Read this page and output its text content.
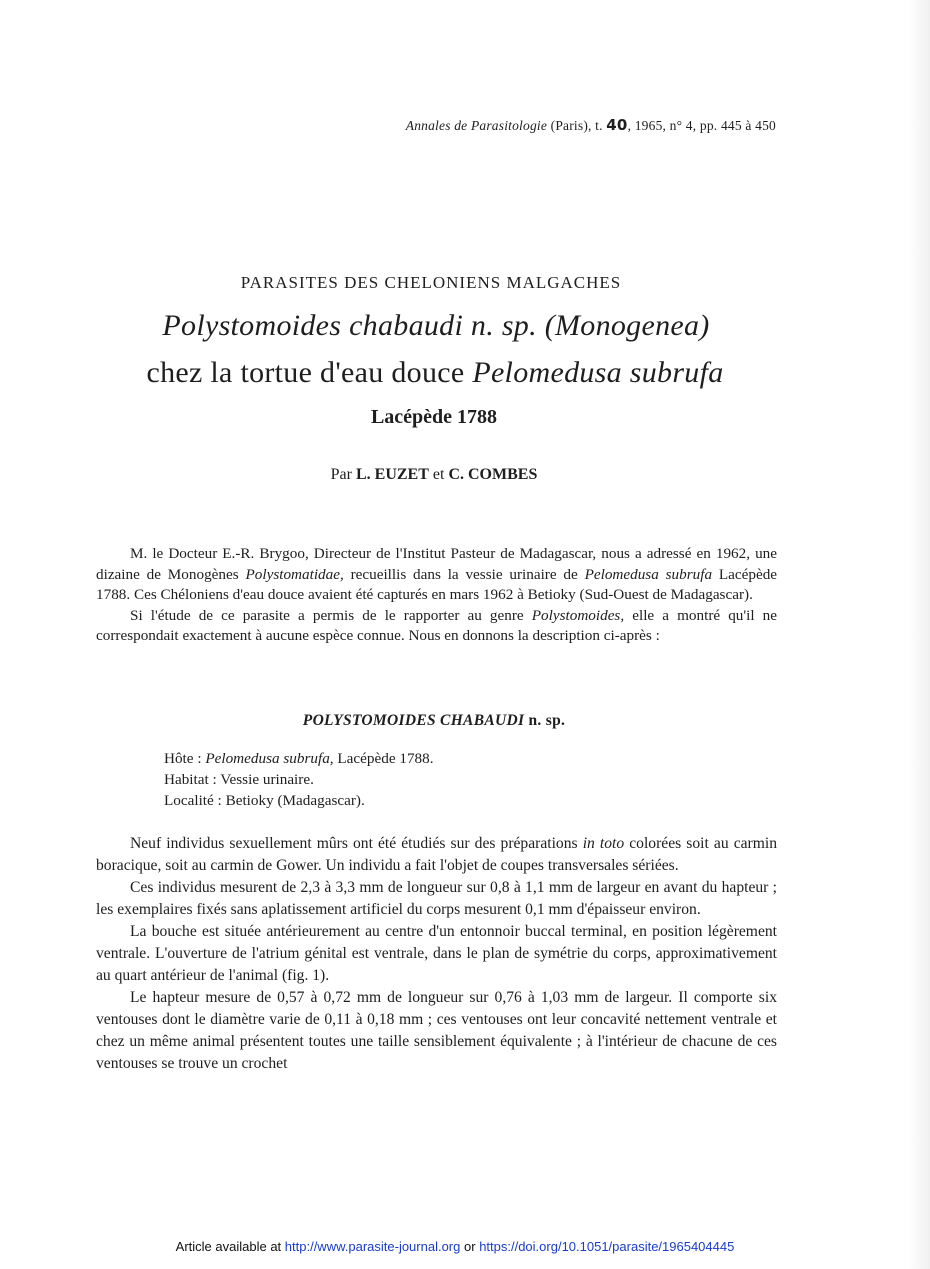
Annales de Parasitologie (Paris), t. 40, 1965, n° 4, pp. 445 à 450
PARASITES DES CHELONIENS MALGACHES
Polystomoides chabaudi n. sp. (Monogenea)
chez la tortue d'eau douce Pelomedusa subrufa
Lacépède 1788
Par L. EUZET et C. COMBES

M. le Docteur E.-R. Brygoo, Directeur de l'Institut Pasteur de Madagascar, nous a adressé en 1962, une dizaine de Monogènes Polystomatidae, recueillis dans la vessie urinaire de Pelomedusa subrufa Lacépède 1788. Ces Chéloniens d'eau douce avaient été capturés en mars 1962 à Betioky (Sud-Ouest de Madagascar).

Si l'étude de ce parasite a permis de le rapporter au genre Polystomoides, elle a montré qu'il ne correspondait exactement à aucune espèce connue. Nous en donnons la description ci-après :

POLYSTOMOIDES CHABAUDI n. sp.
Hôte : Pelomedusa subrufa, Lacépède 1788.
Habitat : Vessie urinaire.
Localité : Betioky (Madagascar).

Neuf individus sexuellement mûrs ont été étudiés sur des préparations in toto colorées soit au carmin boracique, soit au carmin de Gower. Un individu a fait l'objet de coupes transversales sériées.

Ces individus mesurent de 2,3 à 3,3 mm de longueur sur 0,8 à 1,1 mm de largeur en avant du hapteur ; les exemplaires fixés sans aplatissement artificiel du corps mesurent 0,1 mm d'épaisseur environ.

La bouche est située antérieurement au centre d'un entonnoir buccal terminal, en position légèrement ventrale. L'ouverture de l'atrium génital est ventrale, dans le plan de symétrie du corps, approximativement au quart antérieur de l'animal (fig. 1).

Le hapteur mesure de 0,57 à 0,72 mm de longueur sur 0,76 à 1,03 mm de largeur. Il comporte six ventouses dont le diamètre varie de 0,11 à 0,18 mm ; ces ventouses ont leur concavité nettement ventrale et chez un même animal présentent toutes une taille sensiblement équivalente ; à l'intérieur de chacune de ces ventouses se trouve un crochet

Article available at http://www.parasite-journal.org or https://doi.org/10.1051/parasite/1965404445
